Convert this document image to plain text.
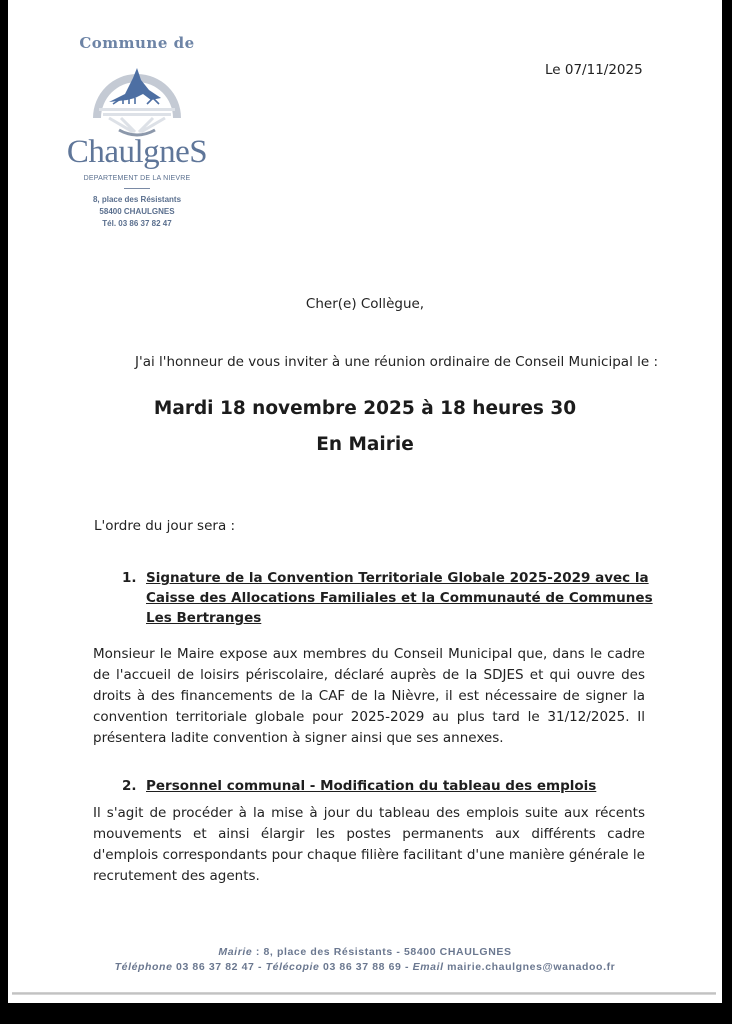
Commune de
ChaulgneS
DEPARTEMENT DE LA NIEVRE
8, place des Résistants
58400 CHAULGNES
Tél. 03 86 37 82 47
Le 07/11/2025
Cher(e) Collègue,
J'ai l'honneur de vous inviter à une réunion ordinaire de Conseil Municipal le :
Mardi 18 novembre 2025 à 18 heures 30
En Mairie
L'ordre du jour sera :
1. Signature de la Convention Territoriale Globale 2025-2029 avec la Caisse des Allocations Familiales et la Communauté de Communes Les Bertranges
Monsieur le Maire expose aux membres du Conseil Municipal que, dans le cadre de l'accueil de loisirs périscolaire, déclaré auprès de la SDJES et qui ouvre des droits à des financements de la CAF de la Nièvre, il est nécessaire de signer la convention territoriale globale pour 2025-2029 au plus tard le 31/12/2025. Il présentera ladite convention à signer ainsi que ses annexes.
2. Personnel communal - Modification du tableau des emplois
Il s'agit de procéder à la mise à jour du tableau des emplois suite aux récents mouvements et ainsi élargir les postes permanents aux différents cadre d'emplois correspondants pour chaque filière facilitant d'une manière générale le recrutement des agents.
Mairie : 8, place des Résistants - 58400 CHAULGNES
Téléphone 03 86 37 82 47 - Télécopie 03 86 37 88 69 - Email mairie.chaulgnes@wanadoo.fr
